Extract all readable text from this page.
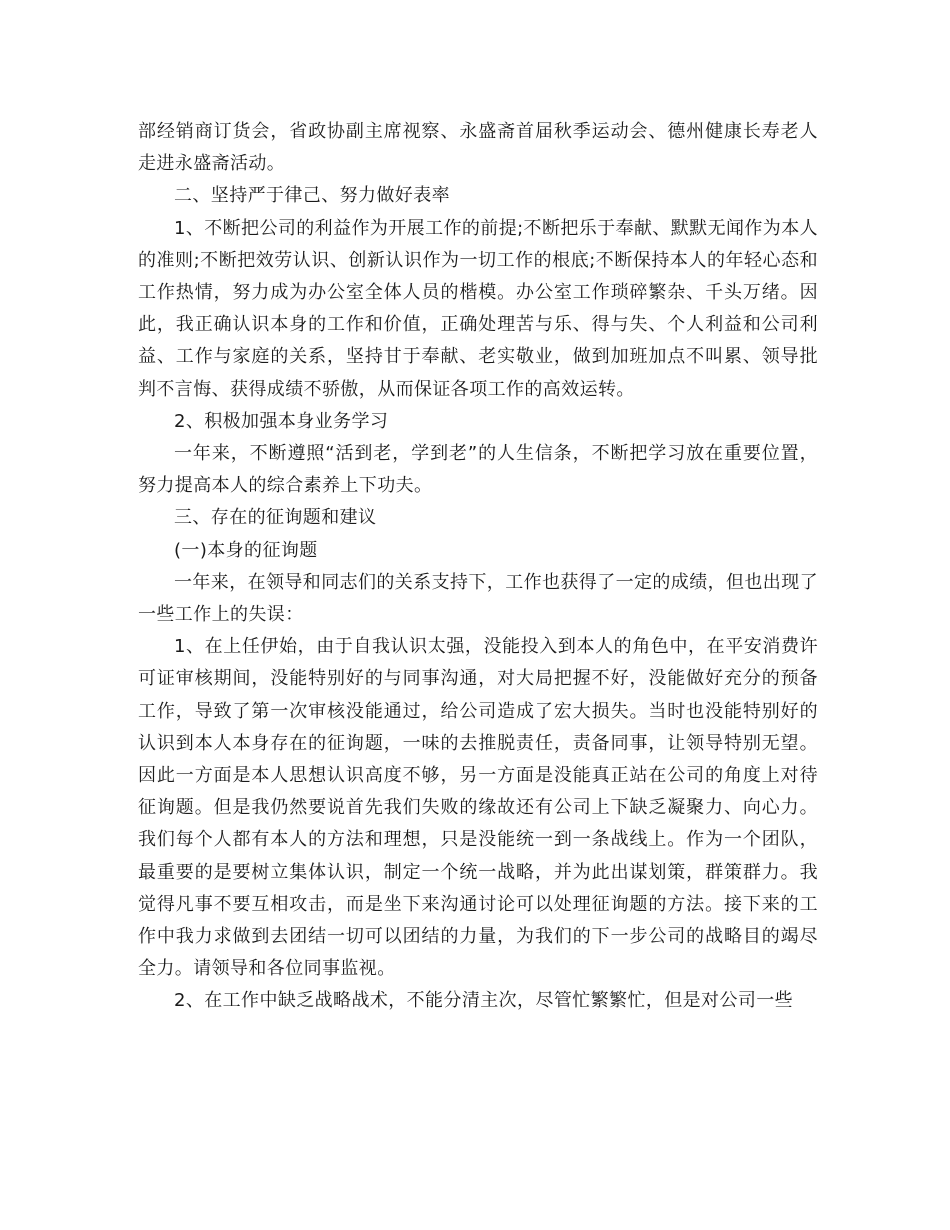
部经销商订货会，省政协副主席视察、永盛斋首届秋季运动会、德州健康长寿老人走进永盛斋活动。

二、坚持严于律己、努力做好表率

1、不断把公司的利益作为开展工作的前提;不断把乐于奉献、默默无闻作为本人的准则;不断把效劳认识、创新认识作为一切工作的根底;不断保持本人的年轻心态和工作热情，努力成为办公室全体人员的楷模。办公室工作琐碎繁杂、千头万绪。因此，我正确认识本身的工作和价值，正确处理苦与乐、得与失、个人利益和公司利益、工作与家庭的关系，坚持甘于奉献、老实敬业，做到加班加点不叫累、领导批判不言悔、获得成绩不骄傲，从而保证各项工作的高效运转。

2、积极加强本身业务学习

一年来，不断遵照“活到老，学到老”的人生信条，不断把学习放在重要位置，努力提高本人的综合素养上下功夫。

三、存在的征询题和建议

(一)本身的征询题

一年来，在领导和同志们的关系支持下，工作也获得了一定的成绩，但也出现了一些工作上的失误：

1、在上任伊始，由于自我认识太强，没能投入到本人的角色中，在平安消费许可证审核期间，没能特别好的与同事沟通，对大局把握不好，没能做好充分的预备工作，导致了第一次审核没能通过，给公司造成了宏大损失。当时也没能特别好的认识到本人本身存在的征询题，一味的去推脱责任，责备同事，让领导特别无望。因此一方面是本人思想认识高度不够，另一方面是没能真正站在公司的角度上对待征询题。但是我仍然要说首先我们失败的缘故还有公司上下缺乏凝聚力、向心力。我们每个人都有本人的方法和理想，只是没能统一到一条战线上。作为一个团队，最重要的是要树立集体认识，制定一个统一战略，并为此出谋划策，群策群力。我觉得凡事不要互相攻击，而是坐下来沟通讨论可以处理征询题的方法。接下来的工作中我力求做到去团结一切可以团结的力量，为我们的下一步公司的战略目的竭尽全力。请领导和各位同事监视。

2、在工作中缺乏战略战术，不能分清主次，尽管忙繁繁忙，但是对公司一些
